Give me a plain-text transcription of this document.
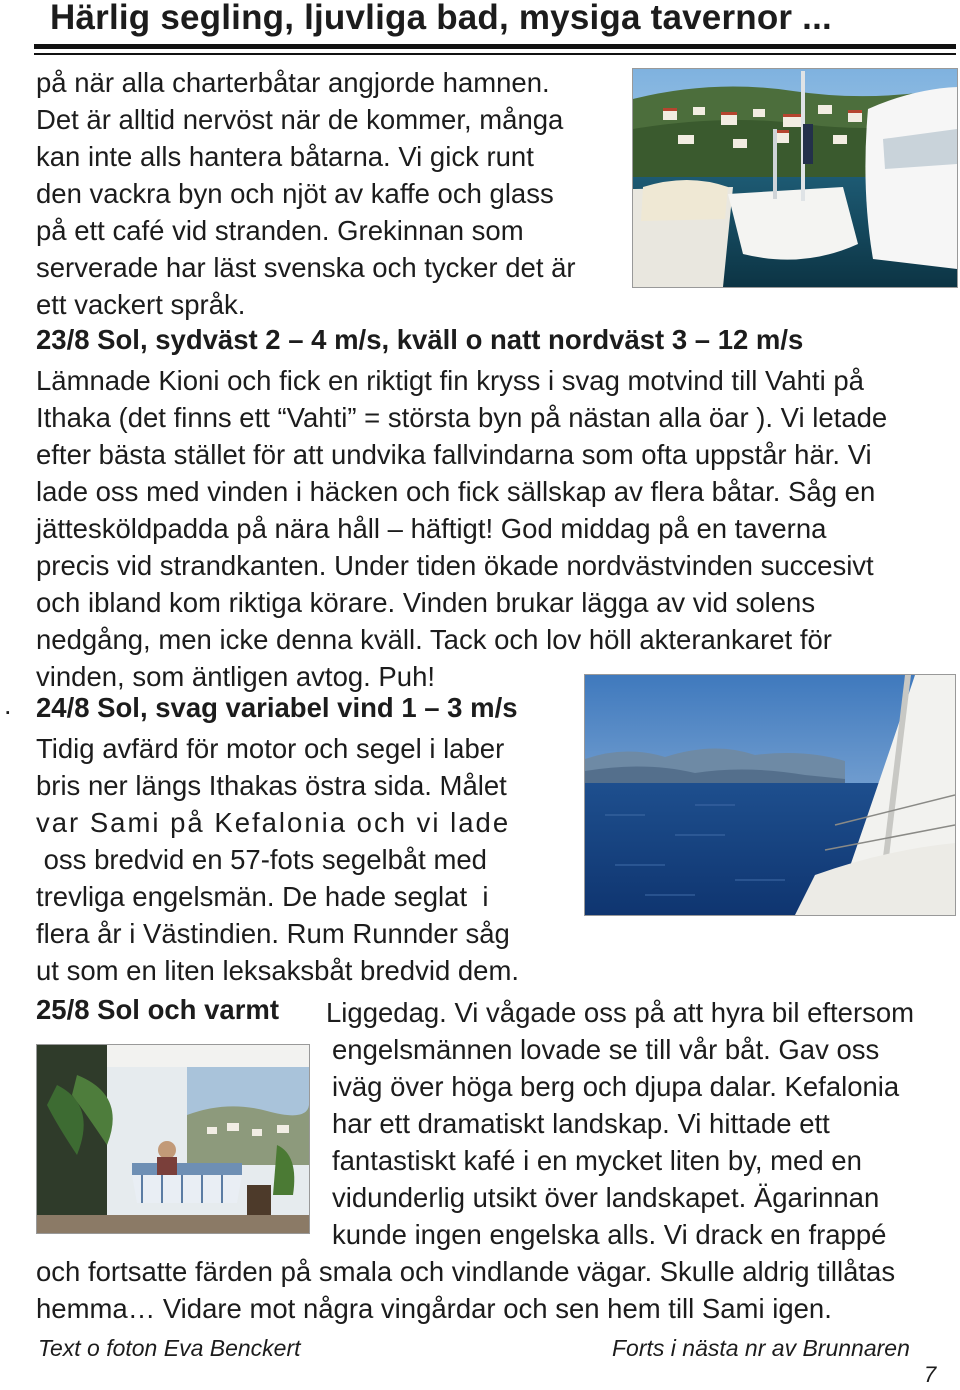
Härlig segling, ljuvliga bad, mysiga tavernor ...
på när alla charterbåtar angjorde hamnen.
Det är alltid nervöst när de kommer, många
kan inte alls hantera båtarna. Vi gick runt
den vackra byn och njöt av kaffe och glass
på ett café vid stranden. Grekinnan som
serverade har läst svenska och tycker det är
ett vackert språk.
23/8 Sol, sydväst 2 – 4 m/s, kväll o natt nordväst 3 – 12 m/s
Lämnade Kioni och fick en riktigt fin kryss i svag motvind till Vahti på
Ithaka (det finns ett “Vahti” = största byn på nästan alla öar ). Vi letade
efter bästa stället för att undvika fallvindarna som ofta uppstår här. Vi
lade oss med vinden i häcken och fick sällskap av flera båtar. Såg en
jättesköldpadda på nära håll – häftigt! God middag på en taverna
precis vid strandkanten. Under tiden ökade nordvästvinden succesivt
och ibland kom riktiga körare. Vinden brukar lägga av vid solens
nedgång, men icke denna kväll. Tack och lov höll akterankaret för
vinden, som äntligen avtog. Puh!
. 24/8 Sol, svag variabel vind 1 – 3 m/s
Tidig avfärd för motor och segel i laber
bris ner längs Ithakas östra sida. Målet
var Sami på Kefalonia och vi lade
oss bredvid en 57-fots segelbåt med
trevliga engelsmän. De hade seglat  i
flera år i Västindien. Rum Runnder såg
ut som en liten leksaksbåt bredvid dem.
25/8 Sol och varmt Liggedag. Vi vågade oss på att hyra bil eftersom
engelsmännen lovade se till vår båt. Gav oss
iväg över höga berg och djupa dalar. Kefalonia
har ett dramatiskt landskap. Vi hittade ett
fantastiskt kafé i en mycket liten by, med en
vidunderlig utsikt över landskapet. Ägarinnan
kunde ingen engelska alls. Vi drack en frappé
och fortsatte färden på smala och vindlande vägar. Skulle aldrig tillåtas
hemma… Vidare mot några vingårdar och sen hem till Sami igen.
Text o foton Eva Benckert	Forts i nästa nr av Brunnaren
7
